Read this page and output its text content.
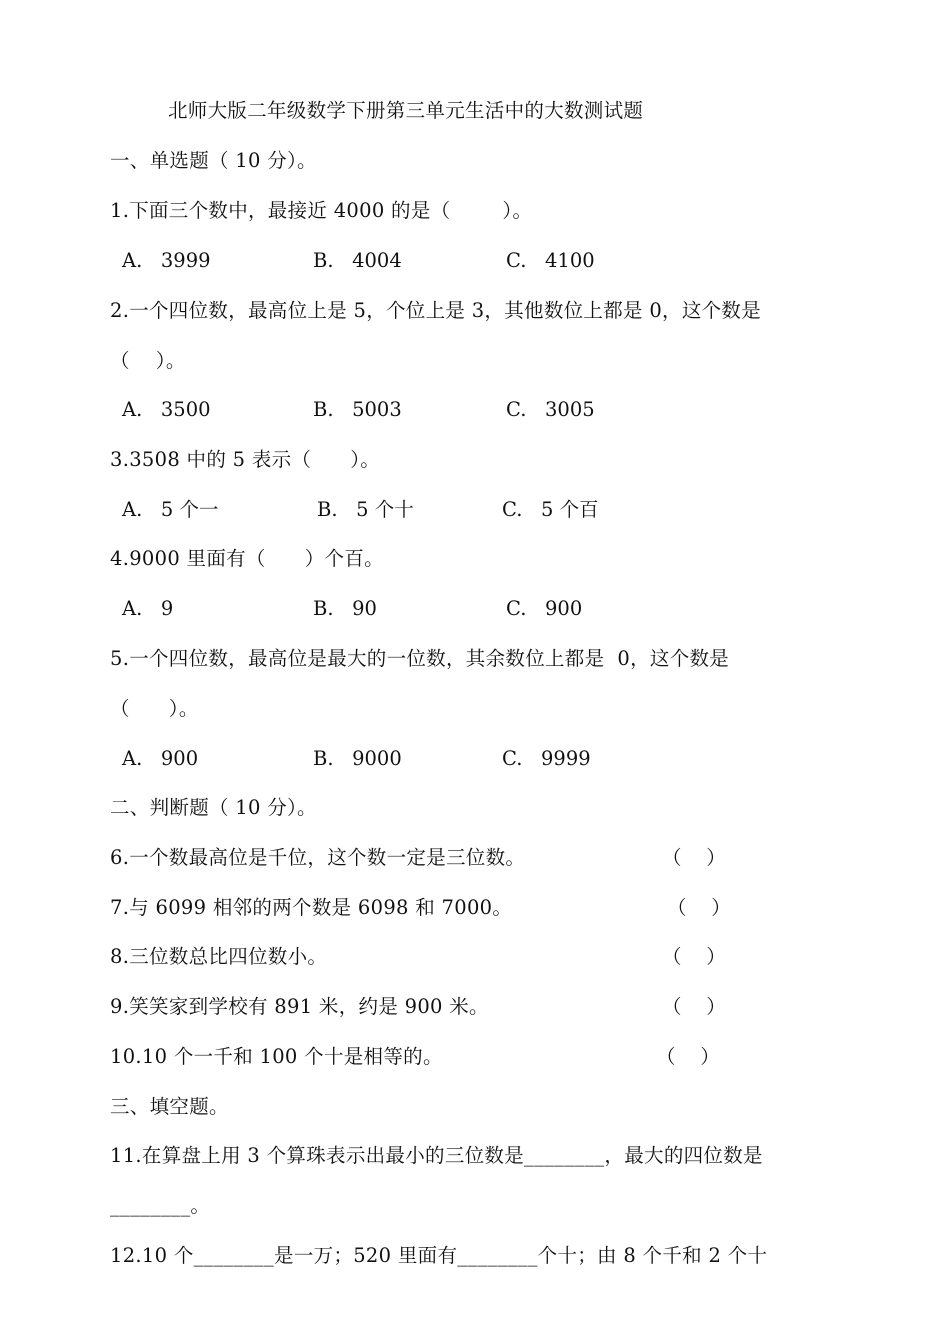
北师大版二年级数学下册第三单元生活中的大数测试题
一、单选题（ 10 分）。
1.下面三个数中，最接近 4000 的是（        ）。
A.   3999	B.   4004	C.   4100
2.一个四位数，最高位上是 5，个位上是 3，其他数位上都是 0，这个数是
（    ）。
A.   3500	B.   5003	C.   3005
3.3508 中的 5 表示（      ）。
A.   5 个一	B.   5 个十	C.   5 个百
4.9000 里面有（      ）个百。
A.   9	B.   90	C.   900
5.一个四位数，最高位是最大的一位数，其余数位上都是  0，这个数是
（      ）。
A.   900	B.   9000	C.   9999
二、判断题（ 10 分）。
6.一个数最高位是千位，这个数一定是三位数。	（    ）
7.与 6099 相邻的两个数是 6098 和 7000。	（    ）
8.三位数总比四位数小。	（    ）
9.笑笑家到学校有 891 米，约是 900 米。	（    ）
10.10 个一千和 100 个十是相等的。	（    ）
三、填空题。
11.在算盘上用 3 个算珠表示出最小的三位数是________，最大的四位数是
________。
12.10 个________是一万；520 里面有________个十；由 8 个千和 2 个十
